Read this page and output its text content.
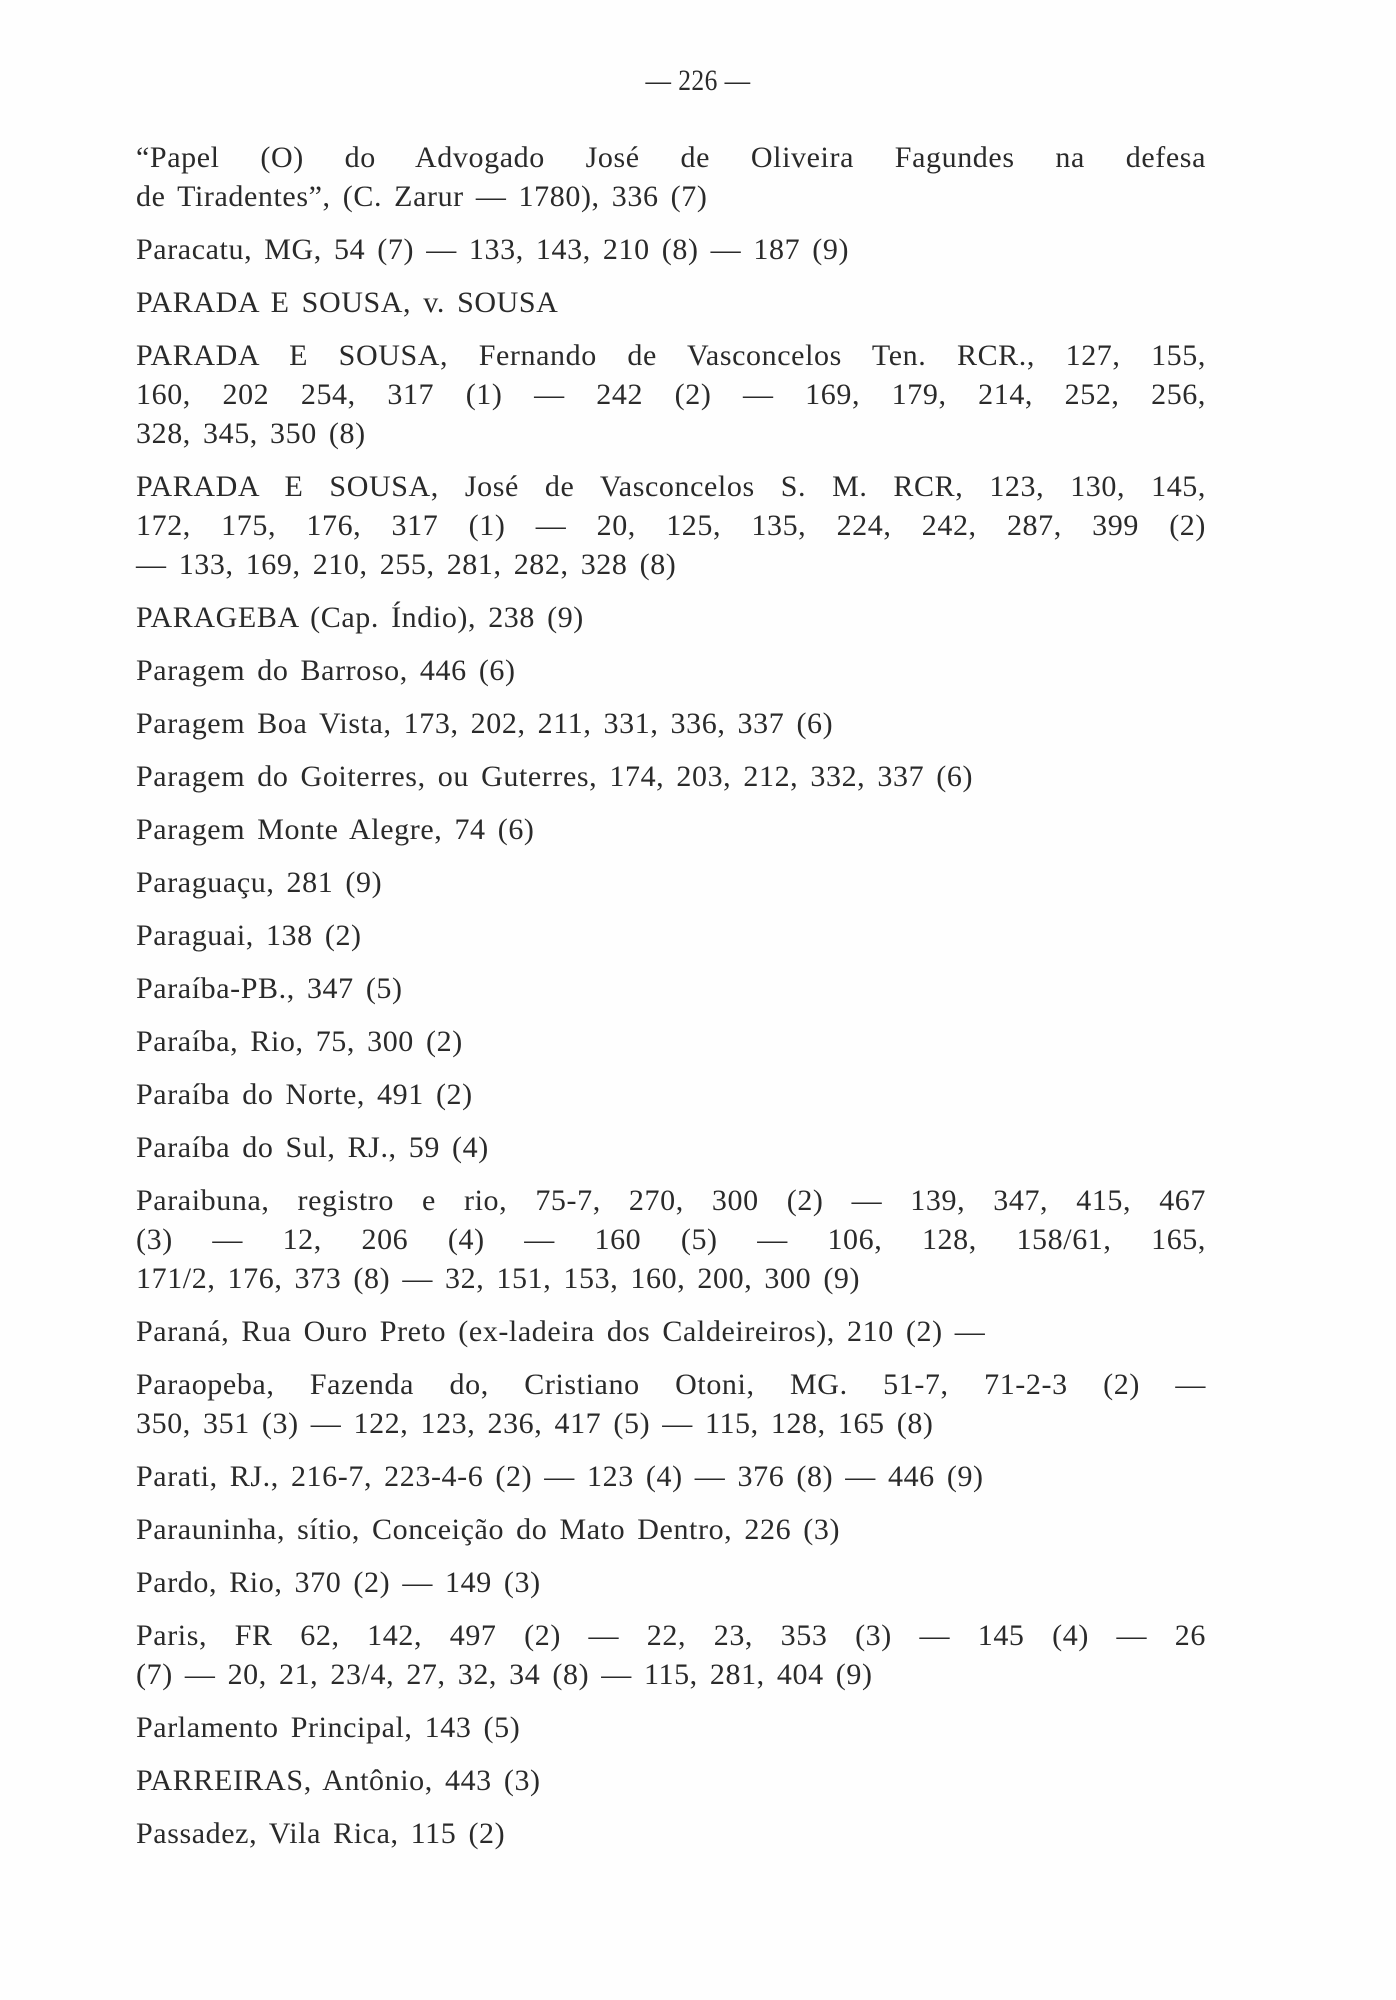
— 226 —
“Papel (O) do Advogado José de Oliveira Fagundes na defesa
de Tiradentes”, (C. Zarur — 1780), 336 (7)
Paracatu, MG, 54 (7) — 133, 143, 210 (8) — 187 (9)
PARADA E SOUSA, v. SOUSA
PARADA E SOUSA, Fernando de Vasconcelos Ten. RCR., 127, 155,
160, 202 254, 317 (1) — 242 (2) — 169, 179, 214, 252, 256,
328, 345, 350 (8)
PARADA E SOUSA, José de Vasconcelos S. M. RCR, 123, 130, 145,
172, 175, 176, 317 (1) — 20, 125, 135, 224, 242, 287, 399 (2)
— 133, 169, 210, 255, 281, 282, 328 (8)
PARAGEBA (Cap. Índio), 238 (9)
Paragem do Barroso, 446 (6)
Paragem Boa Vista, 173, 202, 211, 331, 336, 337 (6)
Paragem do Goiterres, ou Guterres, 174, 203, 212, 332, 337 (6)
Paragem Monte Alegre, 74 (6)
Paraguaçu, 281 (9)
Paraguai, 138 (2)
Paraíba-PB., 347 (5)
Paraíba, Rio, 75, 300 (2)
Paraíba do Norte, 491 (2)
Paraíba do Sul, RJ., 59 (4)
Paraibuna, registro e rio, 75-7, 270, 300 (2) — 139, 347, 415, 467
(3) — 12, 206 (4) — 160 (5) — 106, 128, 158/61, 165,
171/2, 176, 373 (8) — 32, 151, 153, 160, 200, 300 (9)
Paraná, Rua Ouro Preto (ex-ladeira dos Caldeireiros), 210 (2) —
Paraopeba, Fazenda do, Cristiano Otoni, MG. 51-7, 71-2-3 (2) —
350, 351 (3) — 122, 123, 236, 417 (5) — 115, 128, 165 (8)
Parati, RJ., 216-7, 223-4-6 (2) — 123 (4) — 376 (8) — 446 (9)
Parauninha, sítio, Conceição do Mato Dentro, 226 (3)
Pardo, Rio, 370 (2) — 149 (3)
Paris, FR 62, 142, 497 (2) — 22, 23, 353 (3) — 145 (4) — 26
(7) — 20, 21, 23/4, 27, 32, 34 (8) — 115, 281, 404 (9)
Parlamento Principal, 143 (5)
PARREIRAS, Antônio, 443 (3)
Passadez, Vila Rica, 115 (2)
